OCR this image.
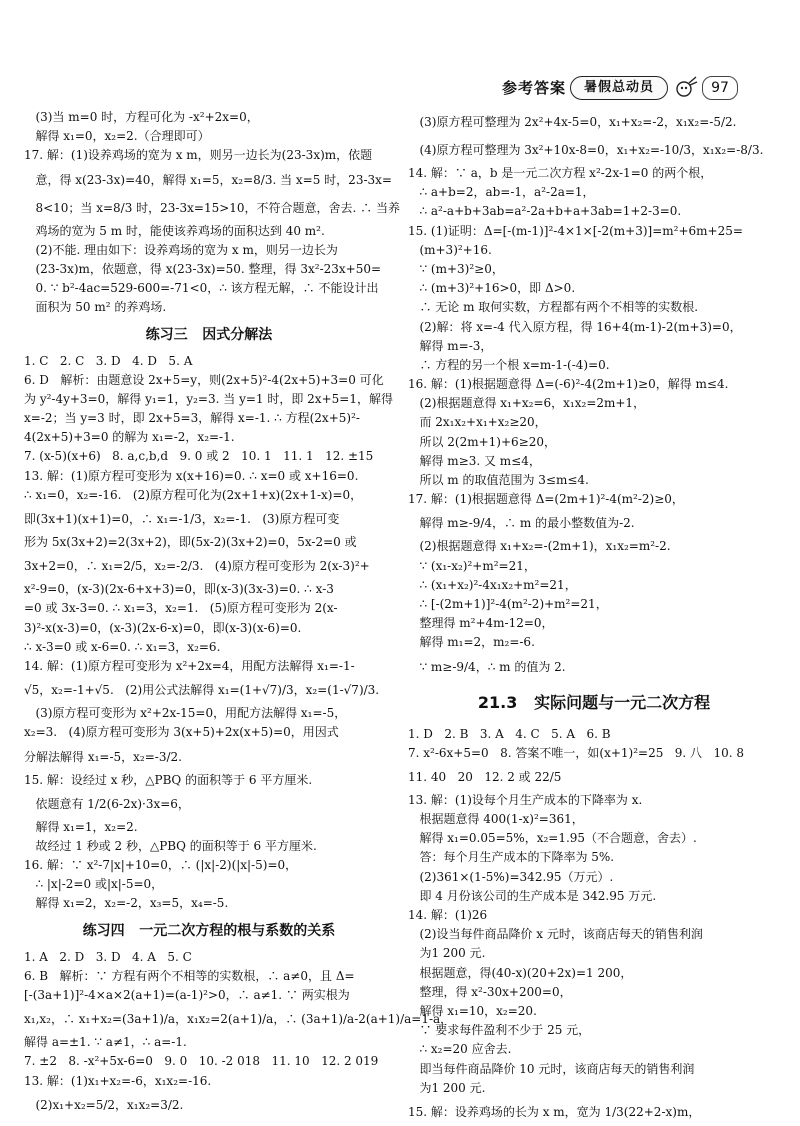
参考答案	暑假总动员	97
(3)当 m=0 时，方程可化为 -x²+2x=0，
解得 x₁=0，x₂=2.（合理即可）
17. 解：(1)设养鸡场的宽为 x m，则另一边长为(23-3x)m，依题
意，得 x(23-3x)=40，解得 x₁=5，x₂=8/3. 当 x=5 时，23-3x=
8<10；当 x=8/3 时，23-3x=15>10，不符合题意，舍去. ∴ 当养
鸡场的宽为 5 m 时，能使该养鸡场的面积达到 40 m².
(2)不能. 理由如下：设养鸡场的宽为 x m，则另一边长为
(23-3x)m，依题意，得 x(23-3x)=50. 整理，得 3x²-23x+50=
0. ∵ b²-4ac=529-600=-71<0，∴ 该方程无解，∴ 不能设计出
面积为 50 m² 的养鸡场.
练习三   因式分解法
1. C   2. C   3. D   4. D   5. A
6. D   解析：由题意设 2x+5=y，则(2x+5)²-4(2x+5)+3=0 可化
为 y²-4y+3=0，解得 y₁=1，y₂=3. 当 y=1 时，即 2x+5=1，解得
x=-2；当 y=3 时，即 2x+5=3，解得 x=-1. ∴ 方程(2x+5)²-
4(2x+5)+3=0 的解为 x₁=-2，x₂=-1.
7. (x-5)(x+6)   8. a,c,b,d   9. 0 或 2   10. 1   11. 1   12. ±15
13. 解：(1)原方程可变形为 x(x+16)=0. ∴ x=0 或 x+16=0.
∴ x₁=0，x₂=-16.   (2)原方程可化为(2x+1+x)(2x+1-x)=0，
即(3x+1)(x+1)=0，∴ x₁=-1/3，x₂=-1.   (3)原方程可变
形为 5x(3x+2)=2(3x+2)，即(5x-2)(3x+2)=0，5x-2=0 或
3x+2=0，∴ x₁=2/5，x₂=-2/3.   (4)原方程可变形为 2(x-3)²+
x²-9=0，(x-3)(2x-6+x+3)=0，即(x-3)(3x-3)=0. ∴ x-3
=0 或 3x-3=0. ∴ x₁=3，x₂=1.   (5)原方程可变形为 2(x-
3)²-x(x-3)=0，(x-3)(2x-6-x)=0，即(x-3)(x-6)=0.
∴ x-3=0 或 x-6=0. ∴ x₁=3，x₂=6.
14. 解：(1)原方程可变形为 x²+2x=4，用配方法解得 x₁=-1-
√5，x₂=-1+√5.   (2)用公式法解得 x₁=(1+√7)/3，x₂=(1-√7)/3.
(3)原方程可变形为 x²+2x-15=0，用配方法解得 x₁=-5，
x₂=3.   (4)原方程可变形为 3(x+5)+2x(x+5)=0，用因式
分解法解得 x₁=-5，x₂=-3/2.
15. 解：设经过 x 秒，△PBQ 的面积等于 6 平方厘米.
依题意有 1/2(6-2x)·3x=6，
解得 x₁=1，x₂=2.
故经过 1 秒或 2 秒，△PBQ 的面积等于 6 平方厘米.
16. 解：∵ x²-7|x|+10=0，∴ (|x|-2)(|x|-5)=0，
∴ |x|-2=0 或|x|-5=0，
解得 x₁=2，x₂=-2，x₃=5，x₄=-5.
练习四   一元二次方程的根与系数的关系
1. A   2. D   3. D   4. A   5. C
6. B   解析：∵ 方程有两个不相等的实数根，∴ a≠0，且 Δ=
[-(3a+1)]²-4×a×2(a+1)=(a-1)²>0，∴ a≠1. ∵ 两实根为
x₁,x₂，∴ x₁+x₂=(3a+1)/a，x₁x₂=2(a+1)/a，∴ (3a+1)/a-2(a+1)/a=1-a，
解得 a=±1. ∵ a≠1，∴ a=-1.
7. ±2   8. -x²+5x-6=0   9. 0   10. -2 018   11. 10   12. 2 019
13. 解：(1)x₁+x₂=-6，x₁x₂=-16.
(2)x₁+x₂=5/2，x₁x₂=3/2.
(3)原方程可整理为 2x²+4x-5=0，x₁+x₂=-2，x₁x₂=-5/2.
(4)原方程可整理为 3x²+10x-8=0，x₁+x₂=-10/3，x₁x₂=-8/3.
14. 解：∵ a，b 是一元二次方程 x²-2x-1=0 的两个根，
∴ a+b=2，ab=-1，a²-2a=1，
∴ a²-a+b+3ab=a²-2a+b+a+3ab=1+2-3=0.
15. (1)证明：Δ=[-(m-1)]²-4×1×[-2(m+3)]=m²+6m+25=
(m+3)²+16.
∵ (m+3)²≥0，
∴ (m+3)²+16>0，即 Δ>0.
∴ 无论 m 取何实数，方程都有两个不相等的实数根.
(2)解：将 x=-4 代入原方程，得 16+4(m-1)-2(m+3)=0，
解得 m=-3，
∴ 方程的另一个根 x=m-1-(-4)=0.
16. 解：(1)根据题意得 Δ=(-6)²-4(2m+1)≥0，解得 m≤4.
(2)根据题意得 x₁+x₂=6，x₁x₂=2m+1，
而 2x₁x₂+x₁+x₂≥20，
所以 2(2m+1)+6≥20，
解得 m≥3. 又 m≤4，
所以 m 的取值范围为 3≤m≤4.
17. 解：(1)根据题意得 Δ=(2m+1)²-4(m²-2)≥0，
解得 m≥-9/4，∴ m 的最小整数值为-2.
(2)根据题意得 x₁+x₂=-(2m+1)，x₁x₂=m²-2.
∵ (x₁-x₂)²+m²=21，
∴ (x₁+x₂)²-4x₁x₂+m²=21，
∴ [-(2m+1)]²-4(m²-2)+m²=21，
整理得 m²+4m-12=0，
解得 m₁=2，m₂=-6.
∵ m≥-9/4，∴ m 的值为 2.
21.3   实际问题与一元二次方程
1. D   2. B   3. A   4. C   5. A   6. B
7. x²-6x+5=0   8. 答案不唯一，如(x+1)²=25   9. 八   10. 8
11. 40   20   12. 2 或 22/5
13. 解：(1)设每个月生产成本的下降率为 x.
根据题意得 400(1-x)²=361，
解得 x₁=0.05=5%，x₂=1.95（不合题意，舍去）.
答：每个月生产成本的下降率为 5%.
(2)361×(1-5%)=342.95（万元）.
即 4 月份该公司的生产成本是 342.95 万元.
14. 解：(1)26
(2)设当每件商品降价 x 元时，该商店每天的销售利润
为1 200 元.
根据题意，得(40-x)(20+2x)=1 200，
整理，得 x²-30x+200=0，
解得 x₁=10，x₂=20.
∵ 要求每件盈利不少于 25 元，
∴ x₂=20 应舍去.
即当每件商品降价 10 元时，该商店每天的销售利润
为1 200 元.
15. 解：设养鸡场的长为 x m，宽为 1/3(22+2-x)m，
